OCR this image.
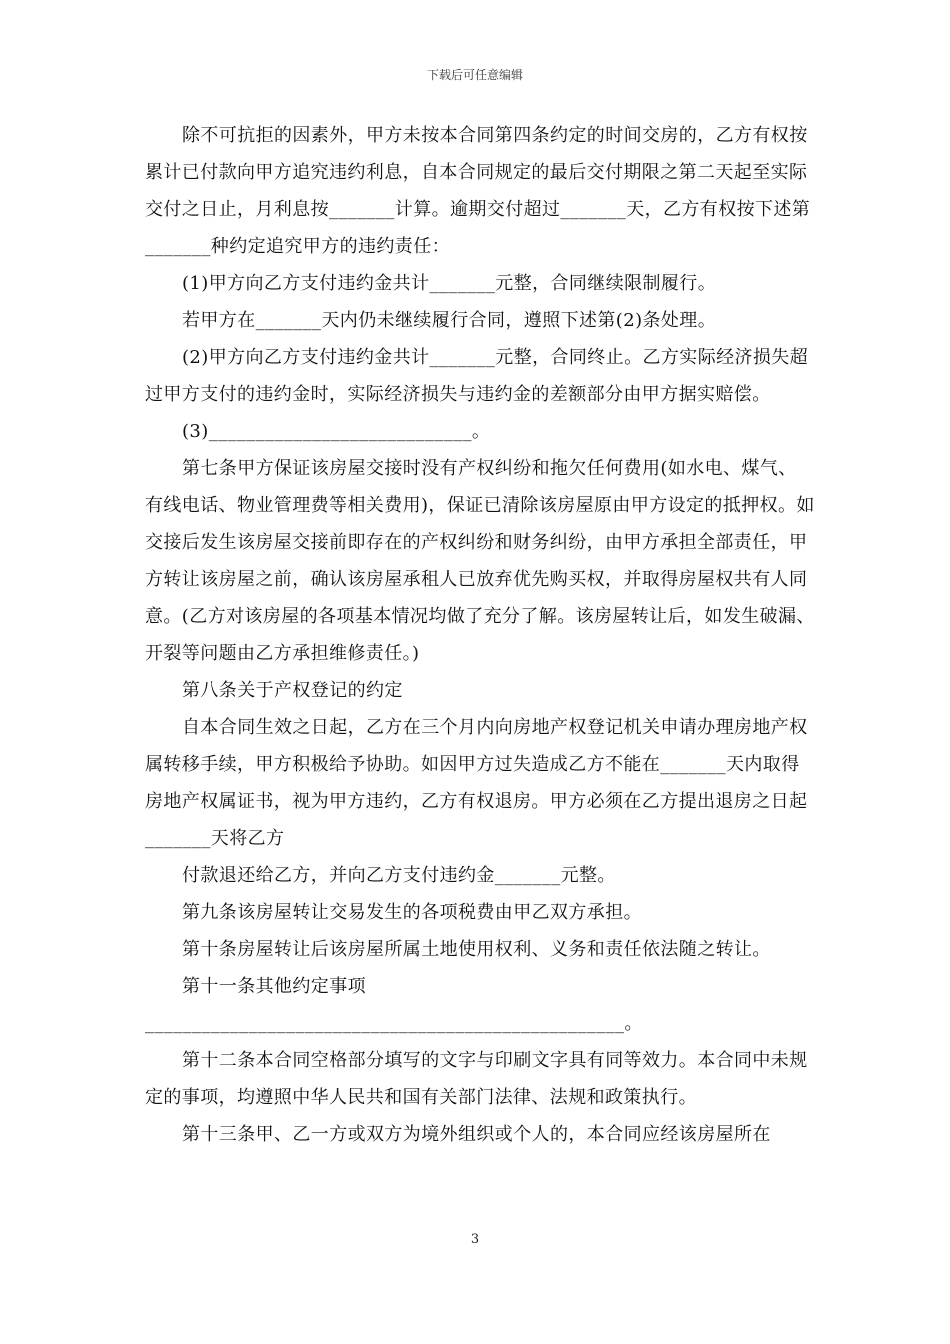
下载后可任意编辑

除不可抗拒的因素外，甲方未按本合同第四条约定的时间交房的，乙方有权按累计已付款向甲方追究违约利息，自本合同规定的最后交付期限之第二天起至实际交付之日止，月利息按_______计算。逾期交付超过_______天，乙方有权按下述第_______种约定追究甲方的违约责任：

(1)甲方向乙方支付违约金共计_______元整，合同继续限制履行。

若甲方在_______天内仍未继续履行合同，遵照下述第(2)条处理。

(2)甲方向乙方支付违约金共计_______元整，合同终止。乙方实际经济损失超过甲方支付的违约金时，实际经济损失与违约金的差额部分由甲方据实赔偿。

(3)____________________________。

第七条甲方保证该房屋交接时没有产权纠纷和拖欠任何费用(如水电、煤气、有线电话、物业管理费等相关费用)，保证已清除该房屋原由甲方设定的抵押权。如交接后发生该房屋交接前即存在的产权纠纷和财务纠纷，由甲方承担全部责任，甲方转让该房屋之前，确认该房屋承租人已放弃优先购买权，并取得房屋权共有人同意。(乙方对该房屋的各项基本情况均做了充分了解。该房屋转让后，如发生破漏、开裂等问题由乙方承担维修责任。)

第八条关于产权登记的约定

自本合同生效之日起，乙方在三个月内向房地产权登记机关申请办理房地产权属转移手续，甲方积极给予协助。如因甲方过失造成乙方不能在_______天内取得房地产权属证书，视为甲方违约，乙方有权退房。甲方必须在乙方提出退房之日起_______天将乙方

付款退还给乙方，并向乙方支付违约金_______元整。

第九条该房屋转让交易发生的各项税费由甲乙双方承担。

第十条房屋转让后该房屋所属土地使用权利、义务和责任依法随之转让。

第十一条其他约定事项___________________________________________________。

第十二条本合同空格部分填写的文字与印刷文字具有同等效力。本合同中未规定的事项，均遵照中华人民共和国有关部门法律、法规和政策执行。

第十三条甲、乙一方或双方为境外组织或个人的，本合同应经该房屋所在

3
